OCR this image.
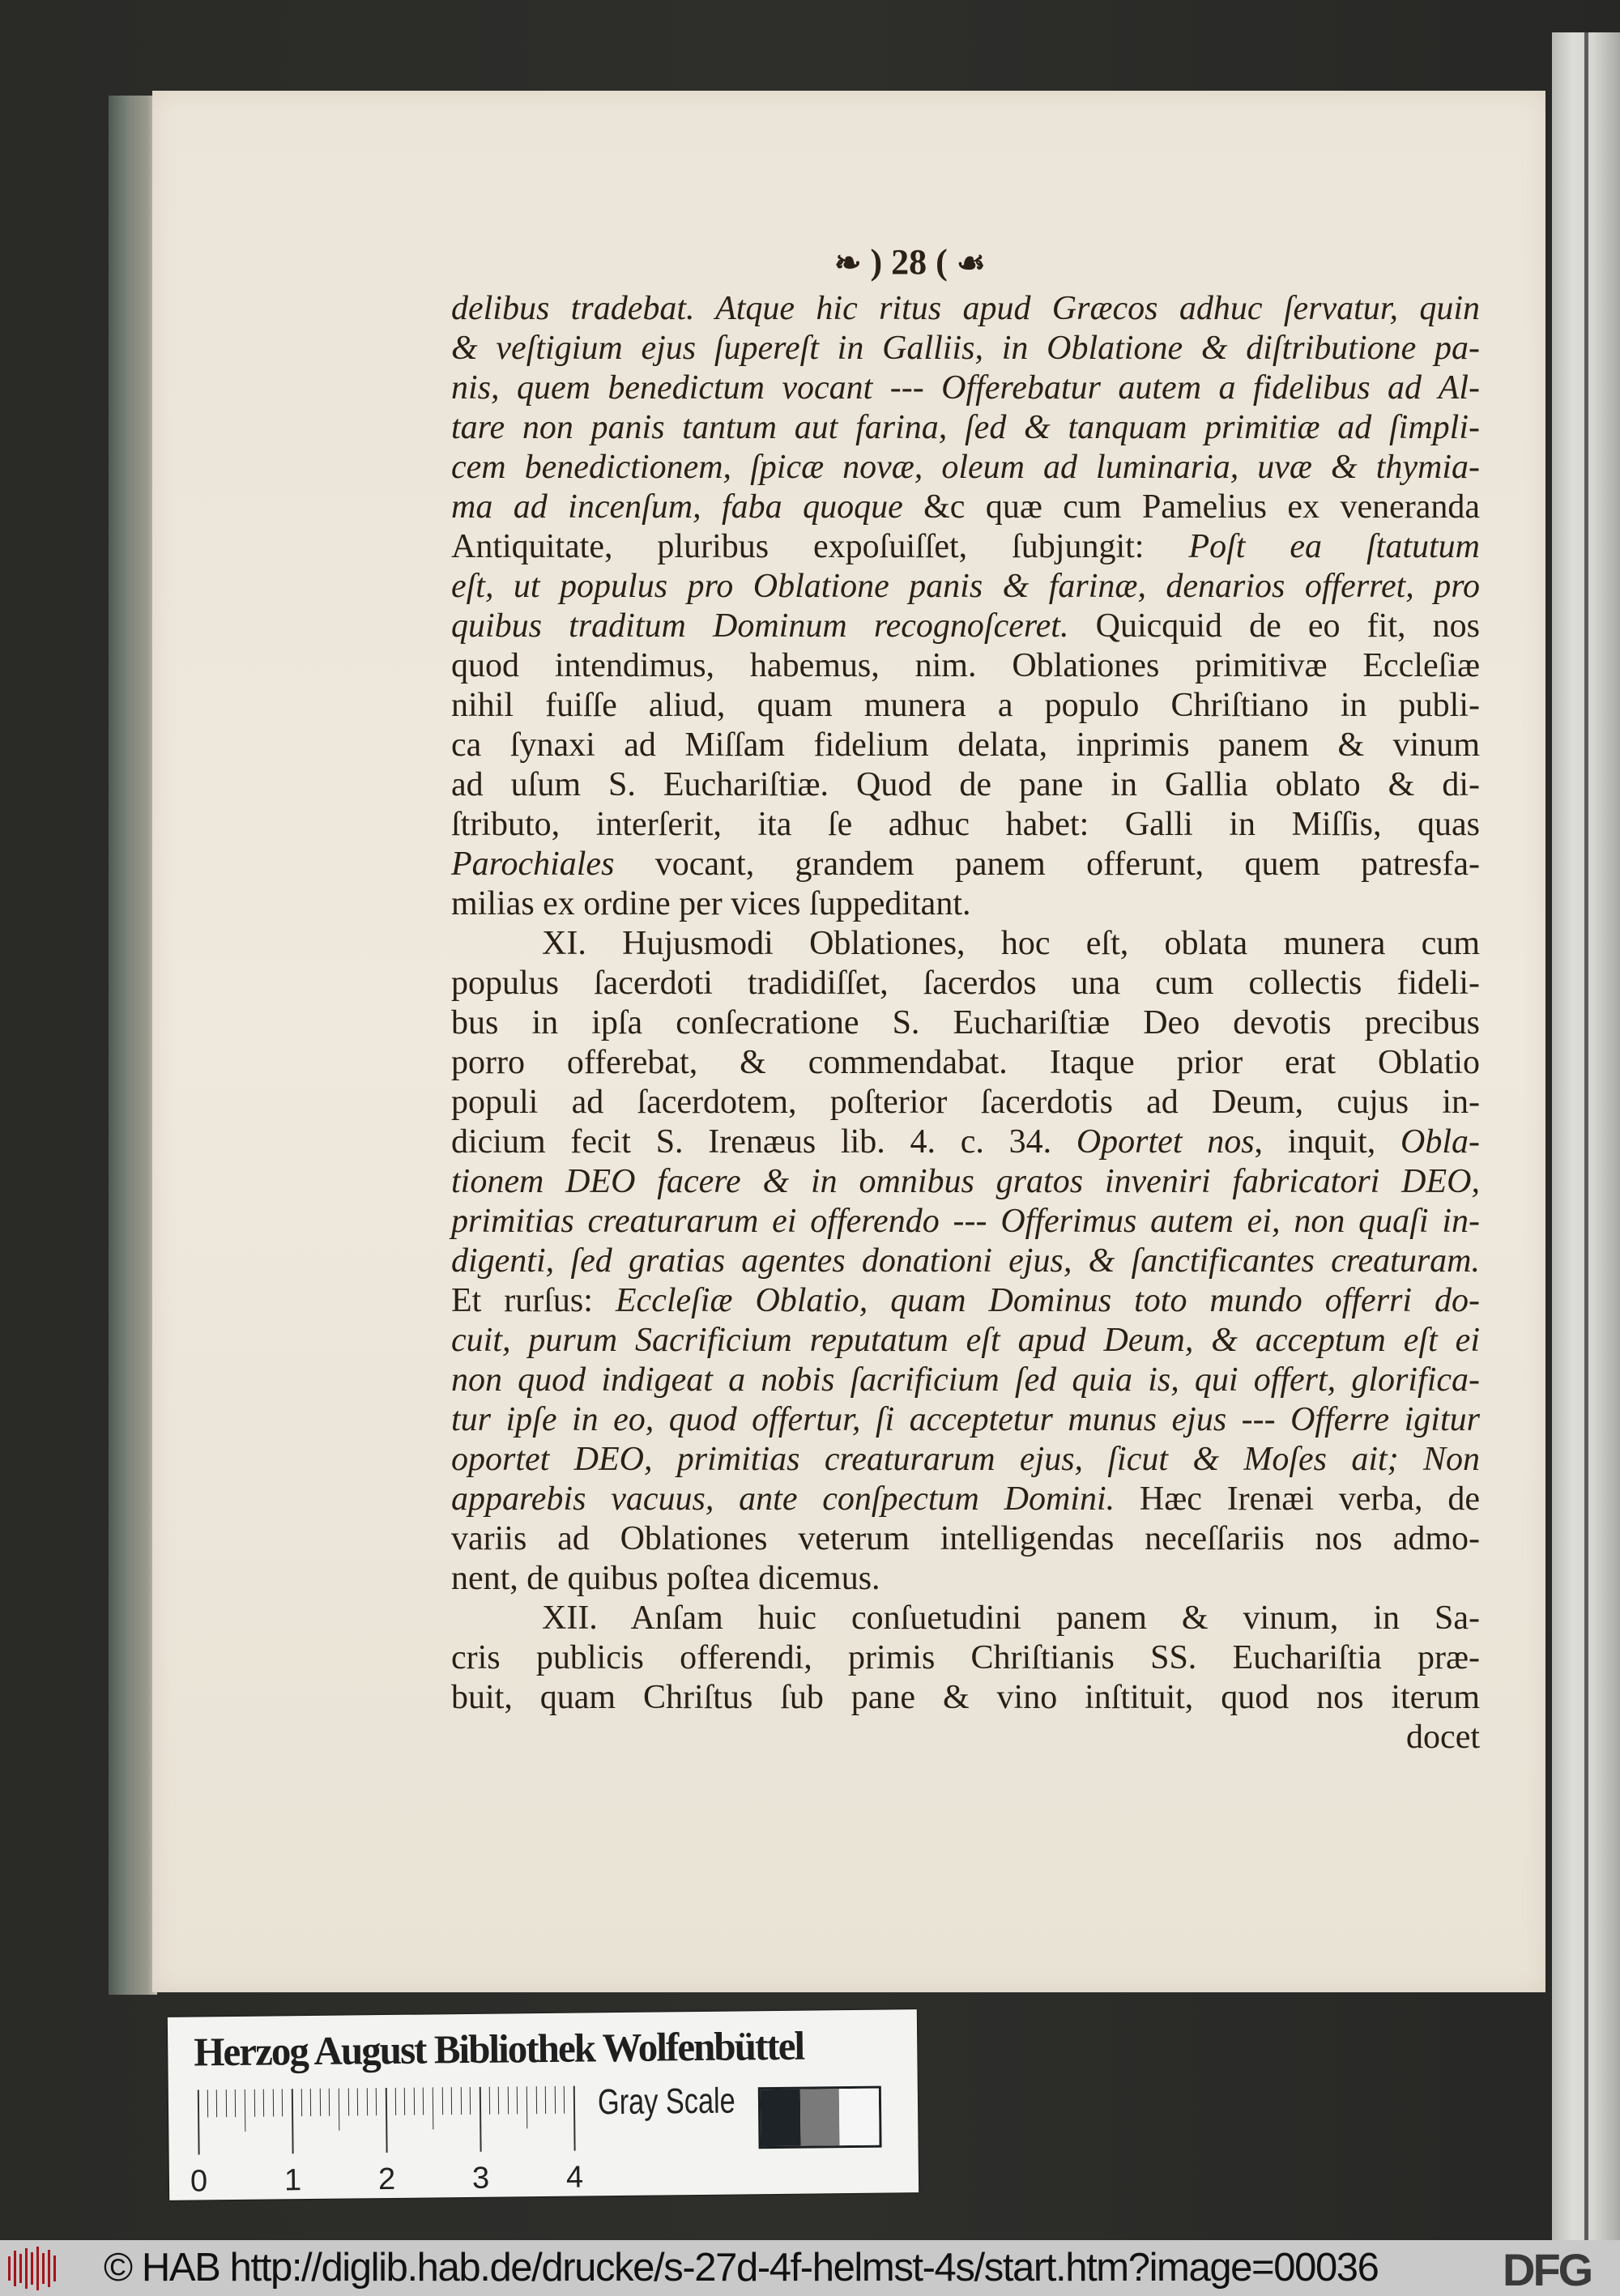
❧ ) 28 ( ☙
delibus tradebat. Atque hic ritus apud Græcos adhuc ſervatur, quin
& veſtigium ejus ſupereſt in Galliis, in Oblatione & diſtributione pa-
nis, quem benedictum vocant --- Offerebatur autem a fidelibus ad Al-
tare non panis tantum aut farina, ſed & tanquam primitiæ ad ſimpli-
cem benedictionem, ſpicæ novæ, oleum ad luminaria, uvæ & thymia-
ma ad incenſum, faba quoque &c quæ cum Pamelius ex veneranda
Antiquitate, pluribus expoſuiſſet, ſubjungit: Poſt ea ſtatutum
eſt, ut populus pro Oblatione panis & farinæ, denarios offerret, pro
quibus traditum Dominum recognoſceret. Quicquid de eo fit, nos
quod intendimus, habemus, nim. Oblationes primitivæ Eccleſiæ
nihil fuiſſe aliud, quam munera a populo Chriſtiano in publi-
ca ſynaxi ad Miſſam fidelium delata, inprimis panem & vinum
ad uſum S. Euchariſtiæ. Quod de pane in Gallia oblato & di-
ſtributo, interſerit, ita ſe adhuc habet: Galli in Miſſis, quas
Parochiales vocant, grandem panem offerunt, quem patresfa-
milias ex ordine per vices ſuppeditant.
XI. Hujusmodi Oblationes, hoc eſt, oblata munera cum
populus ſacerdoti tradidiſſet, ſacerdos una cum collectis fideli-
bus in ipſa conſecratione S. Euchariſtiæ Deo devotis precibus
porro offerebat, & commendabat. Itaque prior erat Oblatio
populi ad ſacerdotem, poſterior ſacerdotis ad Deum, cujus in-
dicium fecit S. Irenæus lib. 4. c. 34. Oportet nos, inquit, Obla-
tionem DEO facere & in omnibus gratos inveniri fabricatori DEO,
primitias creaturarum ei offerendo --- Offerimus autem ei, non quaſi in-
digenti, ſed gratias agentes donationi ejus, & ſanctificantes creaturam.
Et rurſus: Eccleſiæ Oblatio, quam Dominus toto mundo offerri do-
cuit, purum Sacrificium reputatum eſt apud Deum, & acceptum eſt ei
non quod indigeat a nobis ſacrificium ſed quia is, qui offert, glorifica-
tur ipſe in eo, quod offertur, ſi acceptetur munus ejus --- Offerre igitur
oportet DEO, primitias creaturarum ejus, ſicut & Moſes ait; Non
apparebis vacuus, ante conſpectum Domini. Hæc Irenæi verba, de
variis ad Oblationes veterum intelligendas neceſſariis nos admo-
nent, de quibus poſtea dicemus.
XII. Anſam huic conſuetudini panem & vinum, in Sa-
cris publicis offerendi, primis Chriſtianis SS. Euchariſtia præ-
buit, quam Chriſtus ſub pane & vino inſtituit, quod nos iterum
docet
Herzog August Bibliothek Wolfenbüttel
0 1 2 3 4
Gray Scale
© HAB http://diglib.hab.de/drucke/s-27d-4f-helmst-4s/start.htm?image=00036	DFG
